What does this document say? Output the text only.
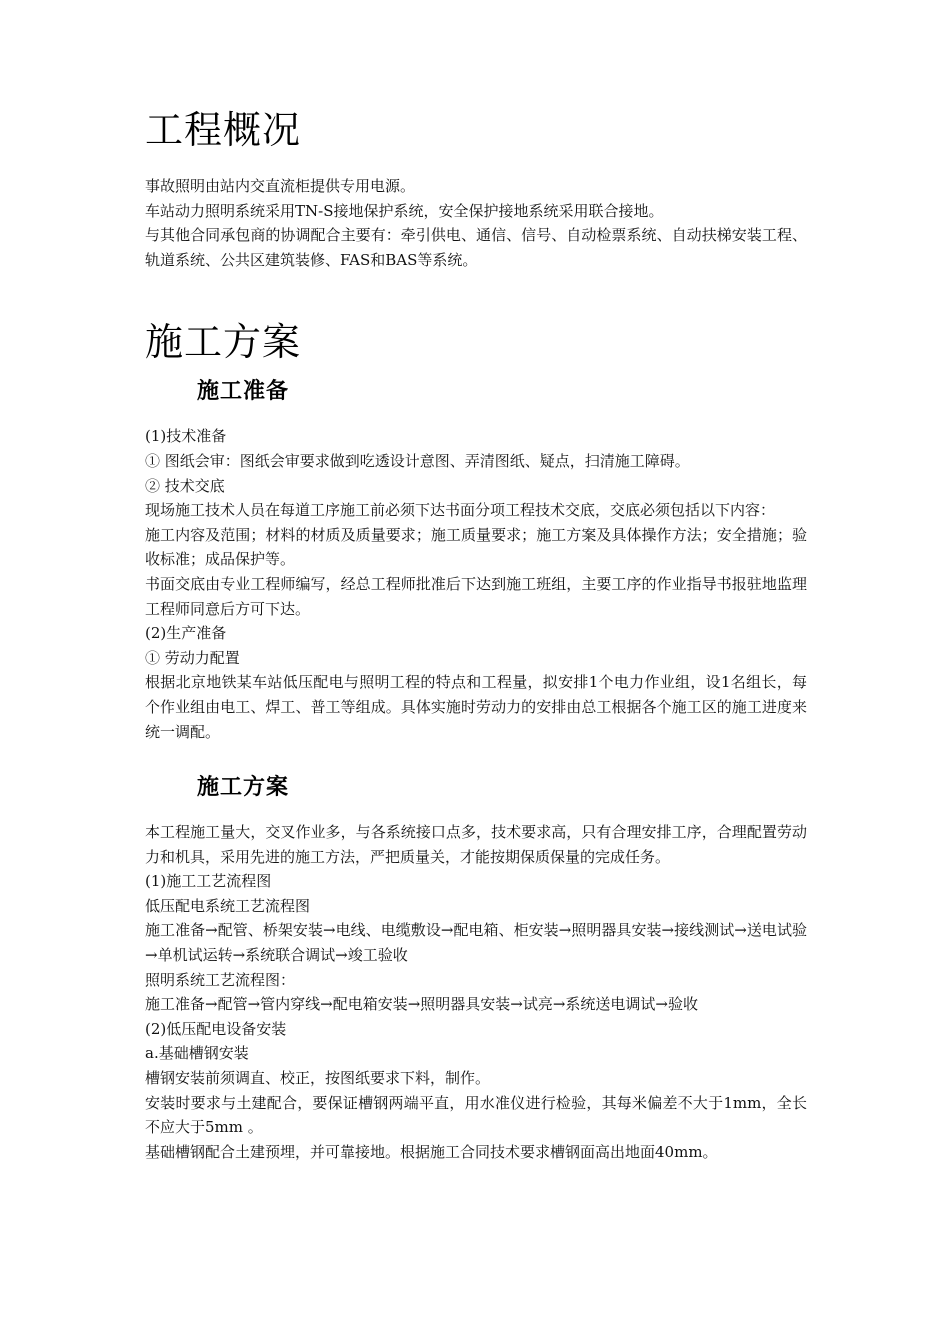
工程概况

事故照明由站内交直流柜提供专用电源。

车站动力照明系统采用TN-S接地保护系统，安全保护接地系统采用联合接地。

与其他合同承包商的协调配合主要有：牵引供电、通信、信号、自动检票系统、自动扶梯安装工程、轨道系统、公共区建筑装修、FAS和BAS等系统。

施工方案
施工准备

(1)技术准备

① 图纸会审：图纸会审要求做到吃透设计意图、弄清图纸、疑点，扫清施工障碍。

② 技术交底

现场施工技术人员在每道工序施工前必须下达书面分项工程技术交底，交底必须包括以下内容：

施工内容及范围；材料的材质及质量要求；施工质量要求；施工方案及具体操作方法；安全措施；验收标准；成品保护等。

书面交底由专业工程师编写，经总工程师批准后下达到施工班组，主要工序的作业指导书报驻地监理工程师同意后方可下达。

(2)生产准备

① 劳动力配置

根据北京地铁某车站低压配电与照明工程的特点和工程量，拟安排1个电力作业组，设1名组长，每个作业组由电工、焊工、普工等组成。具体实施时劳动力的安排由总工根据各个施工区的施工进度来统一调配。

施工方案

本工程施工量大，交叉作业多，与各系统接口点多，技术要求高，只有合理安排工序，合理配置劳动力和机具，采用先进的施工方法，严把质量关，才能按期保质保量的完成任务。

(1)施工工艺流程图

低压配电系统工艺流程图

施工准备→配管、桥架安装→电线、电缆敷设→配电箱、柜安装→照明器具安装→接线测试→送电试验→单机试运转→系统联合调试→竣工验收

照明系统工艺流程图：

施工准备→配管→管内穿线→配电箱安装→照明器具安装→试亮→系统送电调试→验收

(2)低压配电设备安装

a.基础槽钢安装

槽钢安装前须调直、校正，按图纸要求下料，制作。

安装时要求与土建配合，要保证槽钢两端平直，用水准仪进行检验，其每米偏差不大于1mm，全长不应大于5mm 。

基础槽钢配合土建预埋，并可靠接地。根据施工合同技术要求槽钢面高出地面40mm。
